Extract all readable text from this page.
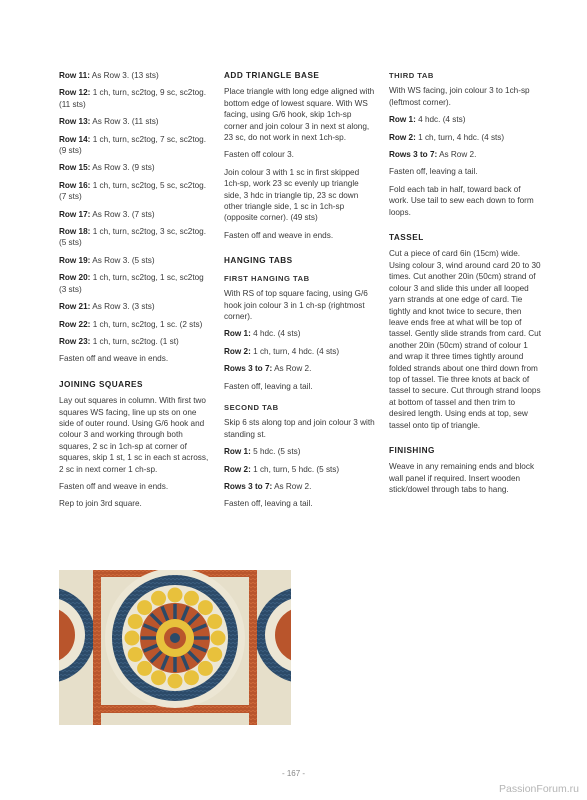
Row 11: As Row 3. (13 sts)

Row 12: 1 ch, turn, sc2tog, 9 sc, sc2tog. (11 sts)

Row 13: As Row 3. (11 sts)

Row 14: 1 ch, turn, sc2tog, 7 sc, sc2tog. (9 sts)

Row 15: As Row 3. (9 sts)

Row 16: 1 ch, turn, sc2tog, 5 sc, sc2tog. (7 sts)

Row 17: As Row 3. (7 sts)

Row 18: 1 ch, turn, sc2tog, 3 sc, sc2tog. (5 sts)

Row 19: As Row 3. (5 sts)

Row 20: 1 ch, turn, sc2tog, 1 sc, sc2tog (3 sts)

Row 21: As Row 3. (3 sts)

Row 22: 1 ch, turn, sc2tog, 1 sc. (2 sts)

Row 23: 1 ch, turn, sc2tog. (1 st)

Fasten off and weave in ends.

JOINING SQUARES

Lay out squares in column. With first two squares WS facing, line up sts on one side of outer round. Using G/6 hook and colour 3 and working through both squares, 2 sc in 1ch-sp at corner of squares, skip 1 st, 1 sc in each st across, 2 sc in next corner 1 ch-sp.

Fasten off and weave in ends.

Rep to join 3rd square.

ADD TRIANGLE BASE

Place triangle with long edge aligned with bottom edge of lowest square. With WS facing, using G/6 hook, skip 1ch-sp corner and join colour 3 in next st along, 23 sc, do not work in next 1ch-sp.

Fasten off colour 3.

Join colour 3 with 1 sc in first skipped 1ch-sp, work 23 sc evenly up triangle side, 3 hdc in triangle tip, 23 sc down other triangle side, 1 sc in 1ch-sp (opposite corner). (49 sts)

Fasten off and weave in ends.

HANGING TABS
FIRST HANGING TAB

With RS of top square facing, using G/6 hook join colour 3 in 1 ch-sp (rightmost corner).

Row 1: 4 hdc. (4 sts)

Row 2: 1 ch, turn, 4 hdc. (4 sts)

Rows 3 to 7: As Row 2.

Fasten off, leaving a tail.

SECOND TAB

Skip 6 sts along top and join colour 3 with standing st.

Row 1: 5 hdc. (5 sts)

Row 2: 1 ch, turn, 5 hdc. (5 sts)

Rows 3 to 7: As Row 2.

Fasten off, leaving a tail.

THIRD TAB

With WS facing, join colour 3 to 1ch-sp (leftmost corner).

Row 1: 4 hdc. (4 sts)

Row 2: 1 ch, turn, 4 hdc. (4 sts)

Rows 3 to 7: As Row 2.

Fasten off, leaving a tail.

Fold each tab in half, toward back of work. Use tail to sew each down to form loops.

TASSEL

Cut a piece of card 6in (15cm) wide. Using colour 3, wind around card 20 to 30 times. Cut another 20in (50cm) strand of colour 3 and slide this under all looped yarn strands at one edge of card. Tie tightly and knot twice to secure, then leave ends free at what will be top of tassel. Gently slide strands from card. Cut another 20in (50cm) strand of colour 1 and wrap it three times tightly around folded strands about one third down from top of tassel. Tie three knots at back of tassel to secure. Cut through strand loops at bottom of tassel and then trim to desired length. Using ends at top, sew tassel onto tip of triangle.

FINISHING

Weave in any remaining ends and block wall panel if required. Insert wooden stick/dowel through tabs to hang.

- 167 -
PassionForum.ru
